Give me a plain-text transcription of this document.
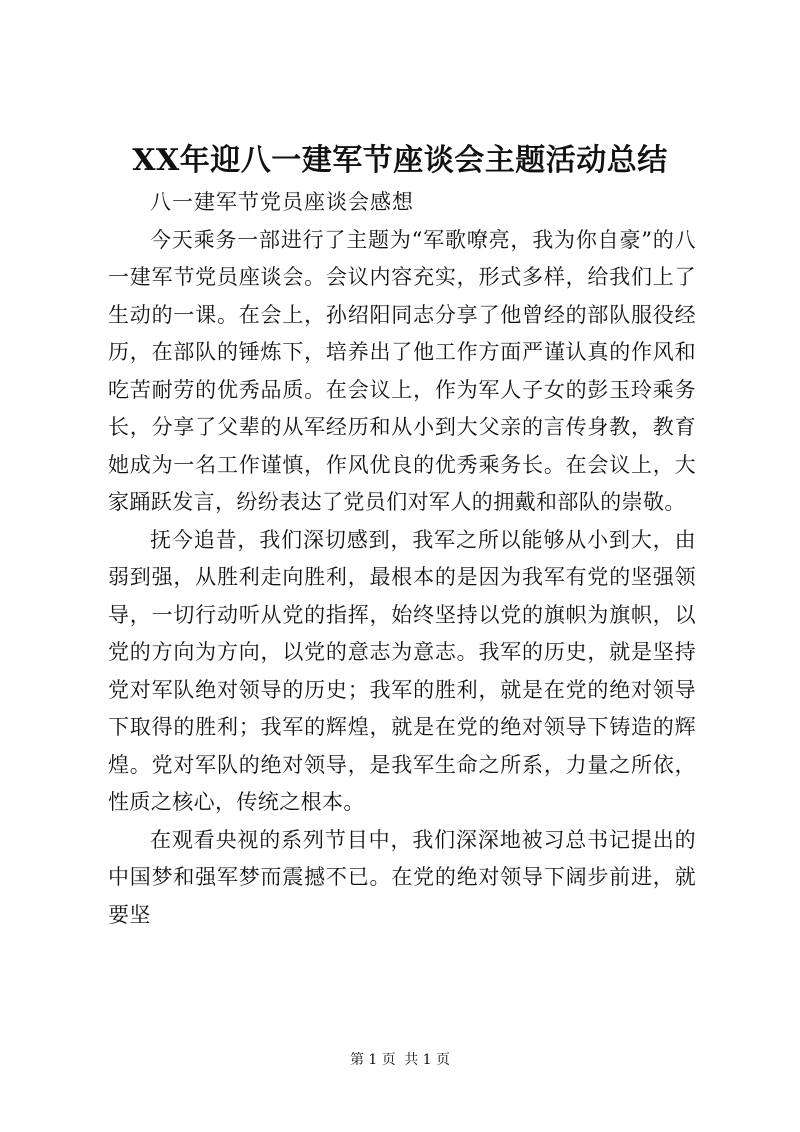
XX年迎八一建军节座谈会主题活动总结

八一建军节党员座谈会感想

今天乘务一部进行了主题为“军歌嘹亮，我为你自豪”的八一建军节党员座谈会。会议内容充实，形式多样，给我们上了生动的一课。在会上，孙绍阳同志分享了他曾经的部队服役经历，在部队的锤炼下，培养出了他工作方面严谨认真的作风和吃苦耐劳的优秀品质。在会议上，作为军人子女的彭玉玲乘务长，分享了父辈的从军经历和从小到大父亲的言传身教，教育她成为一名工作谨慎，作风优良的优秀乘务长。在会议上，大家踊跃发言，纷纷表达了党员们对军人的拥戴和部队的崇敬。

抚今追昔，我们深切感到，我军之所以能够从小到大，由弱到强，从胜利走向胜利，最根本的是因为我军有党的坚强领导，一切行动听从党的指挥，始终坚持以党的旗帜为旗帜，以党的方向为方向，以党的意志为意志。我军的历史，就是坚持党对军队绝对领导的历史；我军的胜利，就是在党的绝对领导下取得的胜利；我军的辉煌，就是在党的绝对领导下铸造的辉煌。党对军队的绝对领导，是我军生命之所系，力量之所依，性质之核心，传统之根本。

在观看央视的系列节目中，我们深深地被习总书记提出的中国梦和强军梦而震撼不已。在党的绝对领导下阔步前进，就要坚

第 1 页 共 1 页
